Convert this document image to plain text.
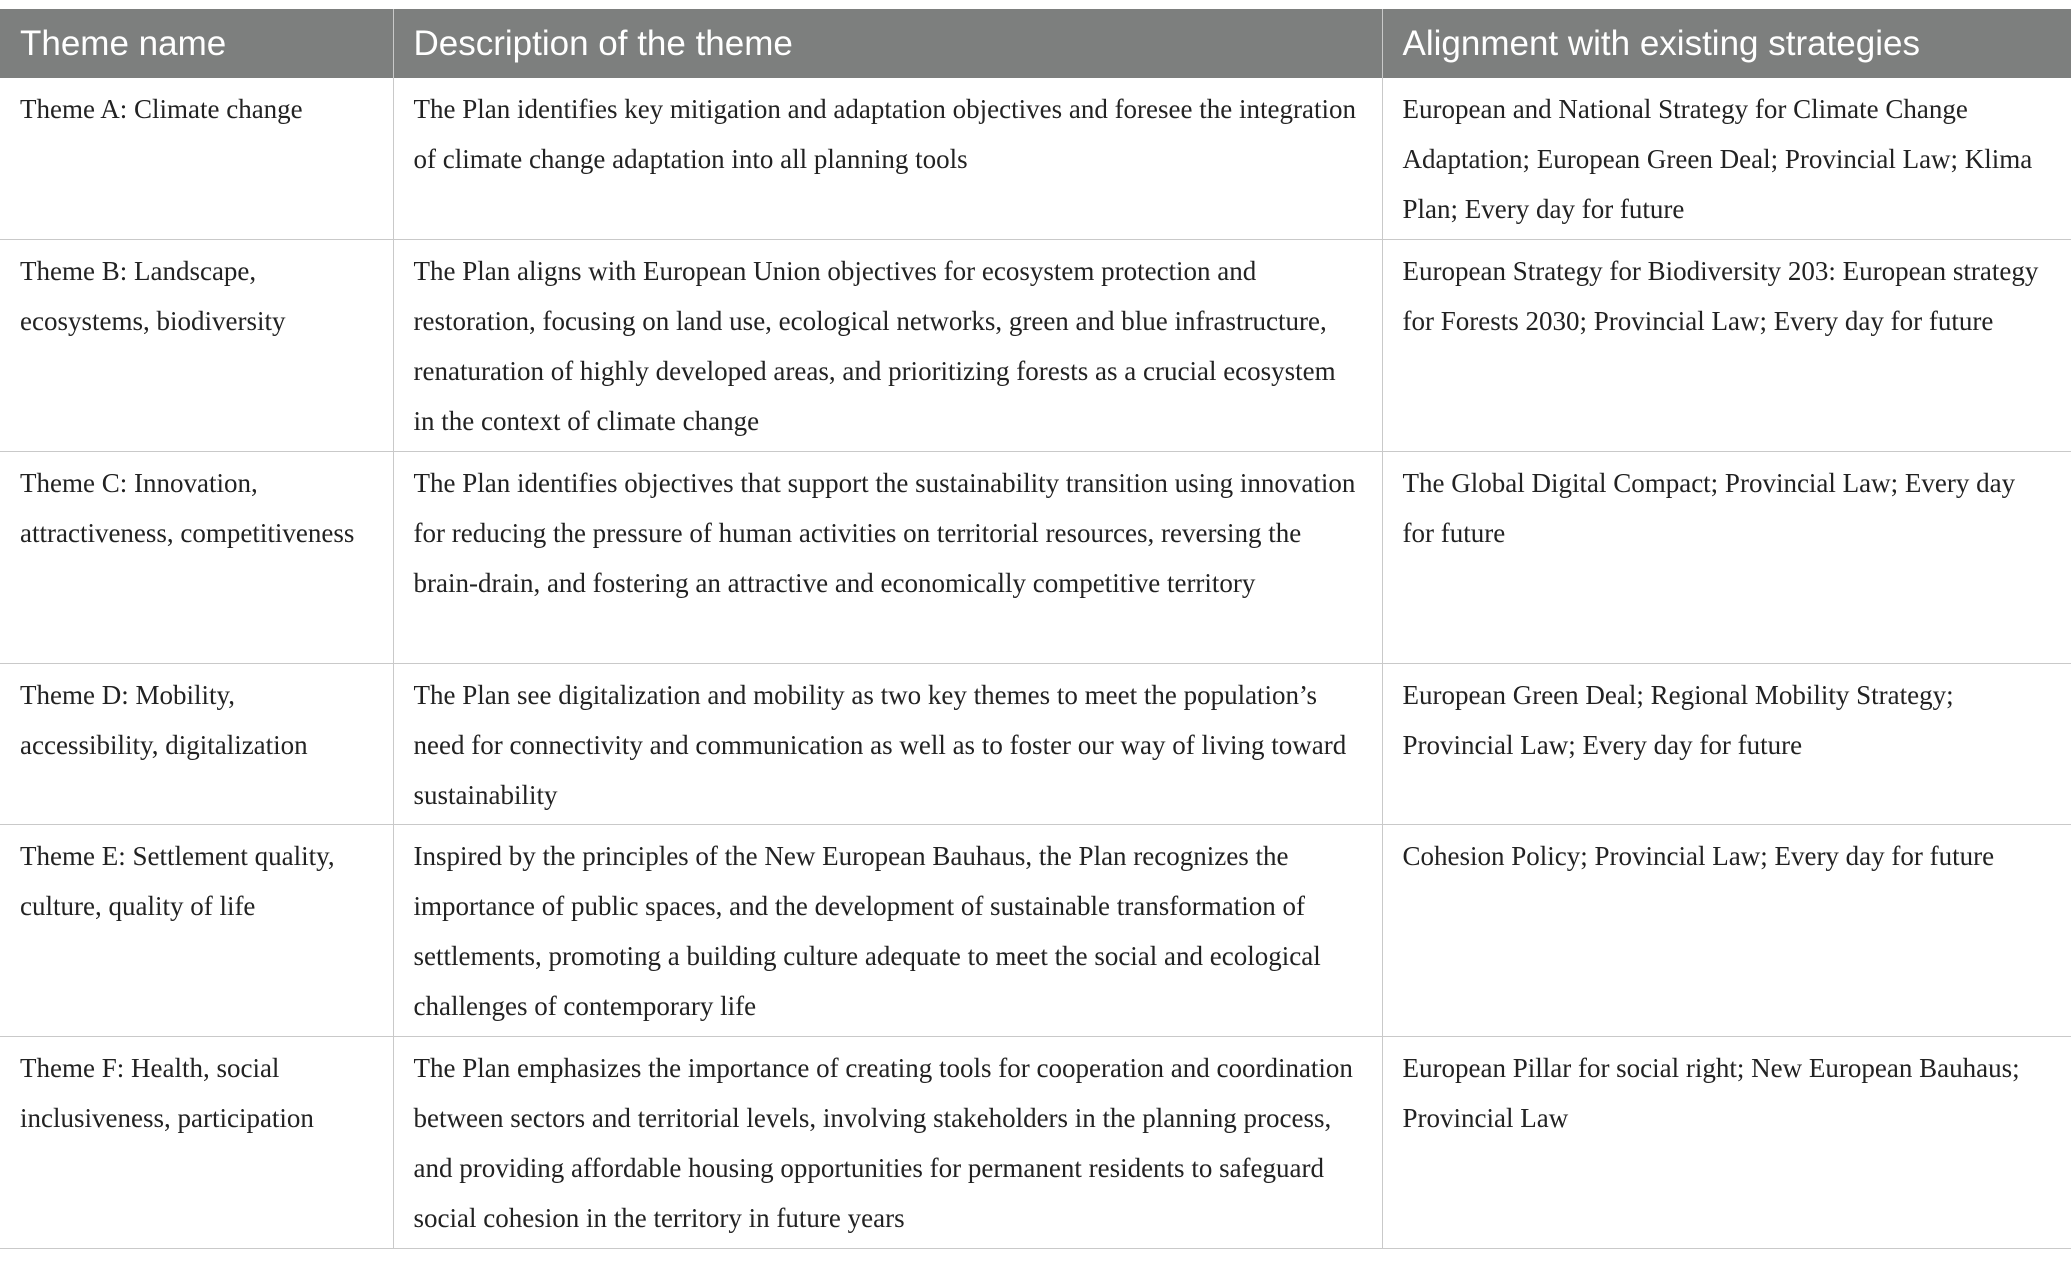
Theme name	Description of the theme	Alignment with existing strategies
Theme A: Climate change	The Plan identifies key mitigation and adaptation objectives and foresee the integration of climate change adaptation into all planning tools	European and National Strategy for Climate Change Adaptation; European Green Deal; Provincial Law; Klima Plan; Every day for future
Theme B: Landscape, ecosystems, biodiversity	The Plan aligns with European Union objectives for ecosystem protection and restoration, focusing on land use, ecological networks, green and blue infrastructure, renaturation of highly developed areas, and prioritizing forests as a crucial ecosystem in the context of climate change	European Strategy for Biodiversity 203: European strategy for Forests 2030; Provincial Law; Every day for future
Theme C: Innovation, attractiveness, competitiveness	The Plan identifies objectives that support the sustainability transition using innovation for reducing the pressure of human activities on territorial resources, reversing the brain-drain, and fostering an attractive and economically competitive territory	The Global Digital Compact; Provincial Law; Every day for future
Theme D: Mobility, accessibility, digitalization	The Plan see digitalization and mobility as two key themes to meet the population’s need for connectivity and communication as well as to foster our way of living toward sustainability	European Green Deal; Regional Mobility Strategy; Provincial Law; Every day for future
Theme E: Settlement quality, culture, quality of life	Inspired by the principles of the New European Bauhaus, the Plan recognizes the importance of public spaces, and the development of sustainable transformation of settlements, promoting a building culture adequate to meet the social and ecological challenges of contemporary life	Cohesion Policy; Provincial Law; Every day for future
Theme F: Health, social inclusiveness, participation	The Plan emphasizes the importance of creating tools for cooperation and coordination between sectors and territorial levels, involving stakeholders in the planning process, and providing affordable housing opportunities for permanent residents to safeguard social cohesion in the territory in future years	European Pillar for social right; New European Bauhaus; Provincial Law
